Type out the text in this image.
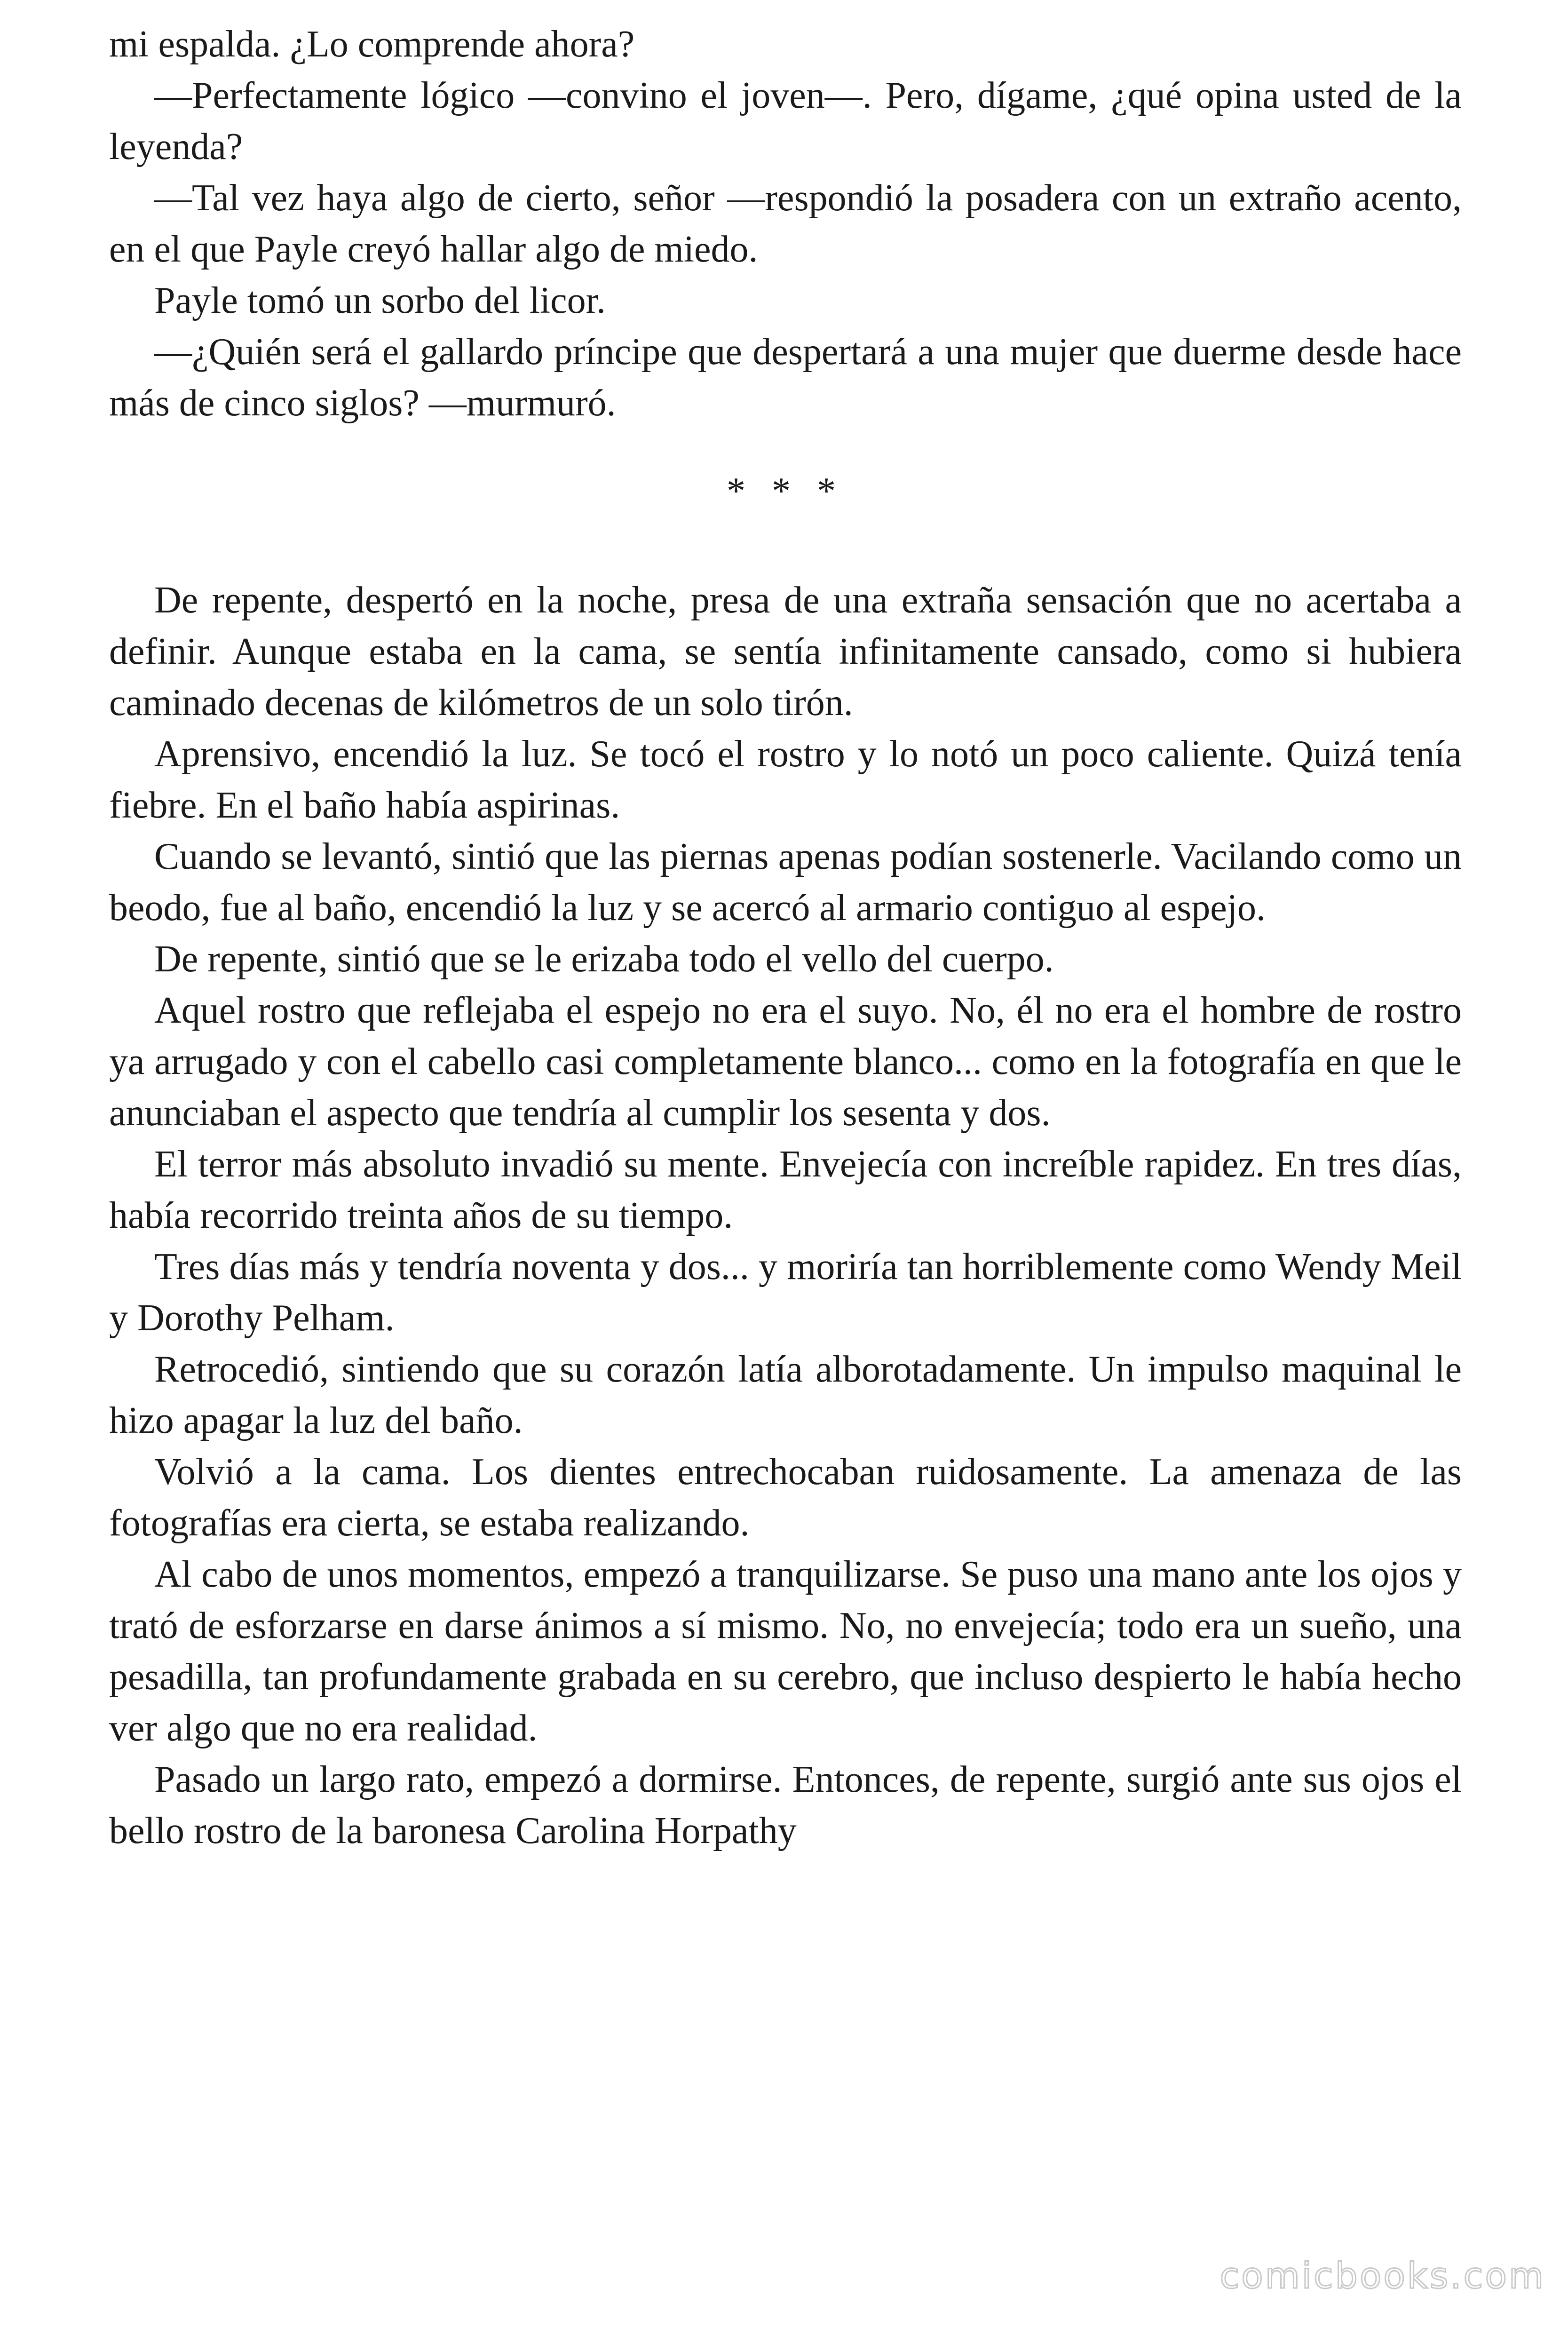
mi espalda. ¿Lo comprende ahora?

—Perfectamente lógico —convino el joven—. Pero, dígame, ¿qué opina usted de la leyenda?

—Tal vez haya algo de cierto, señor —respondió la posadera con un extraño acento, en el que Payle creyó hallar algo de miedo.

Payle tomó un sorbo del licor.

—¿Quién será el gallardo príncipe que despertará a una mujer que duerme desde hace más de cinco siglos? —murmuró.

* * *

De repente, despertó en la noche, presa de una extraña sensación que no acertaba a definir. Aunque estaba en la cama, se sentía infinitamente cansado, como si hubiera caminado decenas de kilómetros de un solo tirón.

Aprensivo, encendió la luz. Se tocó el rostro y lo notó un poco caliente. Quizá tenía fiebre. En el baño había aspirinas.

Cuando se levantó, sintió que las piernas apenas podían sostenerle. Vacilando como un beodo, fue al baño, encendió la luz y se acercó al armario contiguo al espejo.

De repente, sintió que se le erizaba todo el vello del cuerpo.

Aquel rostro que reflejaba el espejo no era el suyo. No, él no era el hombre de rostro ya arrugado y con el cabello casi completamente blanco... como en la fotografía en que le anunciaban el aspecto que tendría al cumplir los sesenta y dos.

El terror más absoluto invadió su mente. Envejecía con increíble rapidez. En tres días, había recorrido treinta años de su tiempo.

Tres días más y tendría noventa y dos... y moriría tan horriblemente como Wendy Meil y Dorothy Pelham.

Retrocedió, sintiendo que su corazón latía alborotadamente. Un impulso maquinal le hizo apagar la luz del baño.

Volvió a la cama. Los dientes entrechocaban ruidosamente. La amenaza de las fotografías era cierta, se estaba realizando.

Al cabo de unos momentos, empezó a tranquilizarse. Se puso una mano ante los ojos y trató de esforzarse en darse ánimos a sí mismo. No, no envejecía; todo era un sueño, una pesadilla, tan profundamente grabada en su cerebro, que incluso despierto le había hecho ver algo que no era realidad.

Pasado un largo rato, empezó a dormirse. Entonces, de repente, surgió ante sus ojos el bello rostro de la baronesa Carolina Horpathy

comicbooks.com
